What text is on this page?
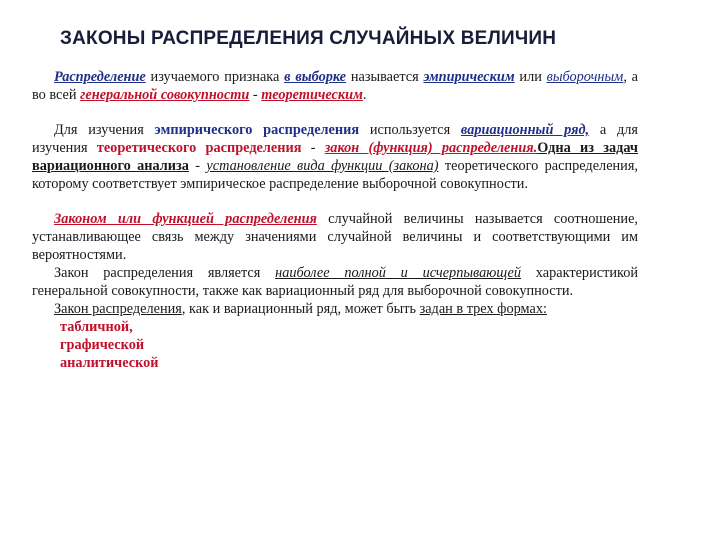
ЗАКОНЫ РАСПРЕДЕЛЕНИЯ СЛУЧАЙНЫХ ВЕЛИЧИН

Распределение изучаемого признака в выборке называется эмпирическим или выборочным, а во всей генеральной совокупности - теоретическим.

Для изучения эмпирического распределения используется вариационный ряд, а для изучения теоретического распределения - закон (функция) распределения.Одна из задач вариационного анализа - установление вида функции (закона) теоретического распределения, которому соответствует эмпирическое распределение выборочной совокупности.

Законом или функцией распределения случайной величины называется соотношение, устанавливающее связь между значениями случайной величины и соответствующими им вероятностями.

Закон распределения является наиболее полной и исчерпывающей характеристикой генеральной совокупности, также как вариационный ряд для выборочной совокупности.

Закон распределения, как и вариационный ряд, может быть задан в трех формах:

табличной,
графической
аналитической
